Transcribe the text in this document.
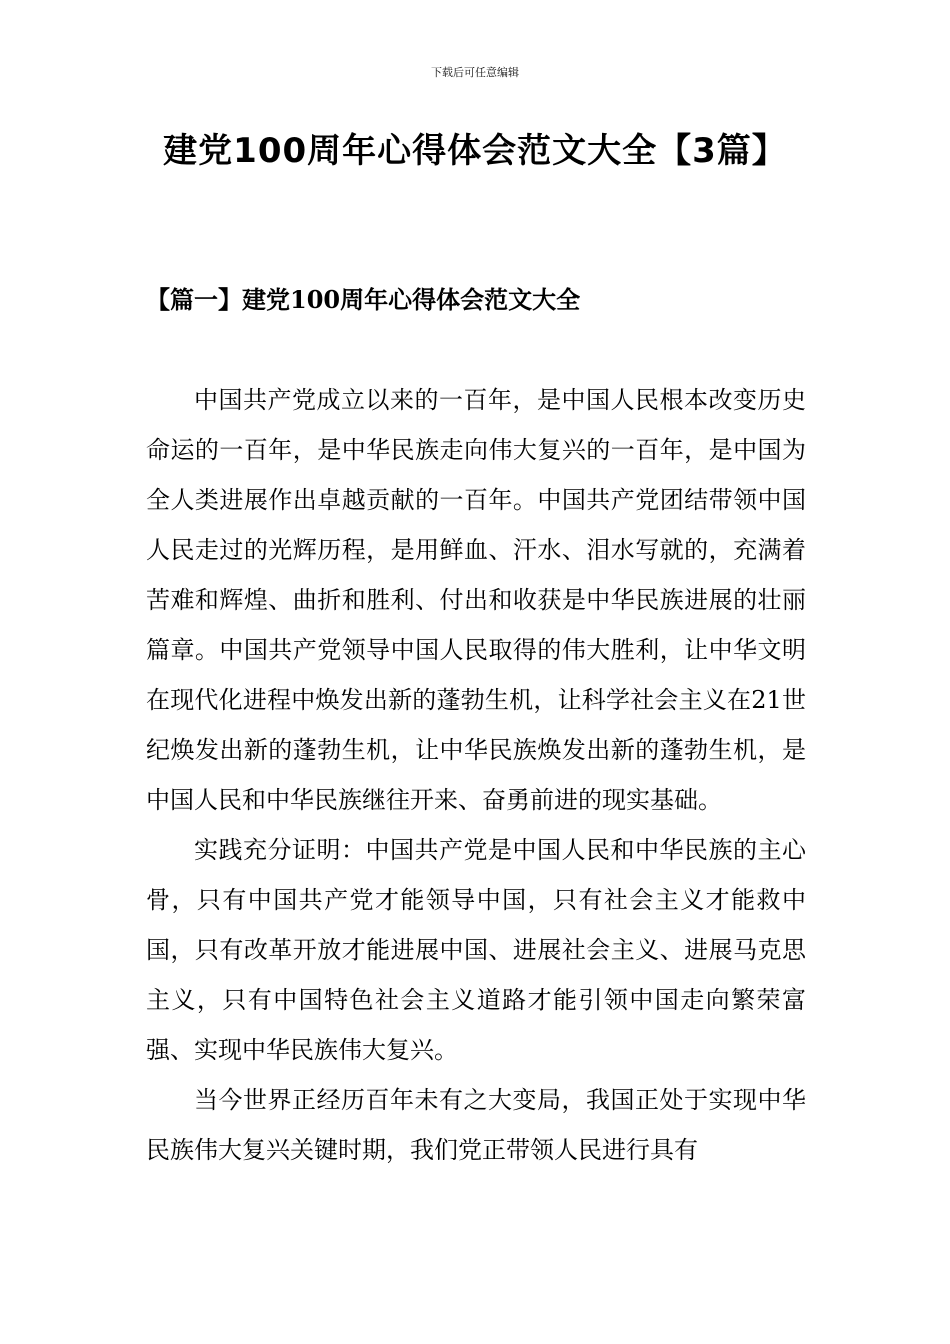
下载后可任意编辑
建党100周年心得体会范文大全【3篇】
【篇一】建党100周年心得体会范文大全

中国共产党成立以来的一百年，是中国人民根本改变历史命运的一百年，是中华民族走向伟大复兴的一百年，是中国为全人类进展作出卓越贡献的一百年。中国共产党团结带领中国人民走过的光辉历程，是用鲜血、汗水、泪水写就的，充满着苦难和辉煌、曲折和胜利、付出和收获是中华民族进展的壮丽篇章。中国共产党领导中国人民取得的伟大胜利，让中华文明在现代化进程中焕发出新的蓬勃生机，让科学社会主义在21世纪焕发出新的蓬勃生机，让中华民族焕发出新的蓬勃生机，是中国人民和中华民族继往开来、奋勇前进的现实基础。

实践充分证明：中国共产党是中国人民和中华民族的主心骨，只有中国共产党才能领导中国，只有社会主义才能救中国，只有改革开放才能进展中国、进展社会主义、进展马克思主义，只有中国特色社会主义道路才能引领中国走向繁荣富强、实现中华民族伟大复兴。

当今世界正经历百年未有之大变局，我国正处于实现中华民族伟大复兴关键时期，我们党正带领人民进行具有
